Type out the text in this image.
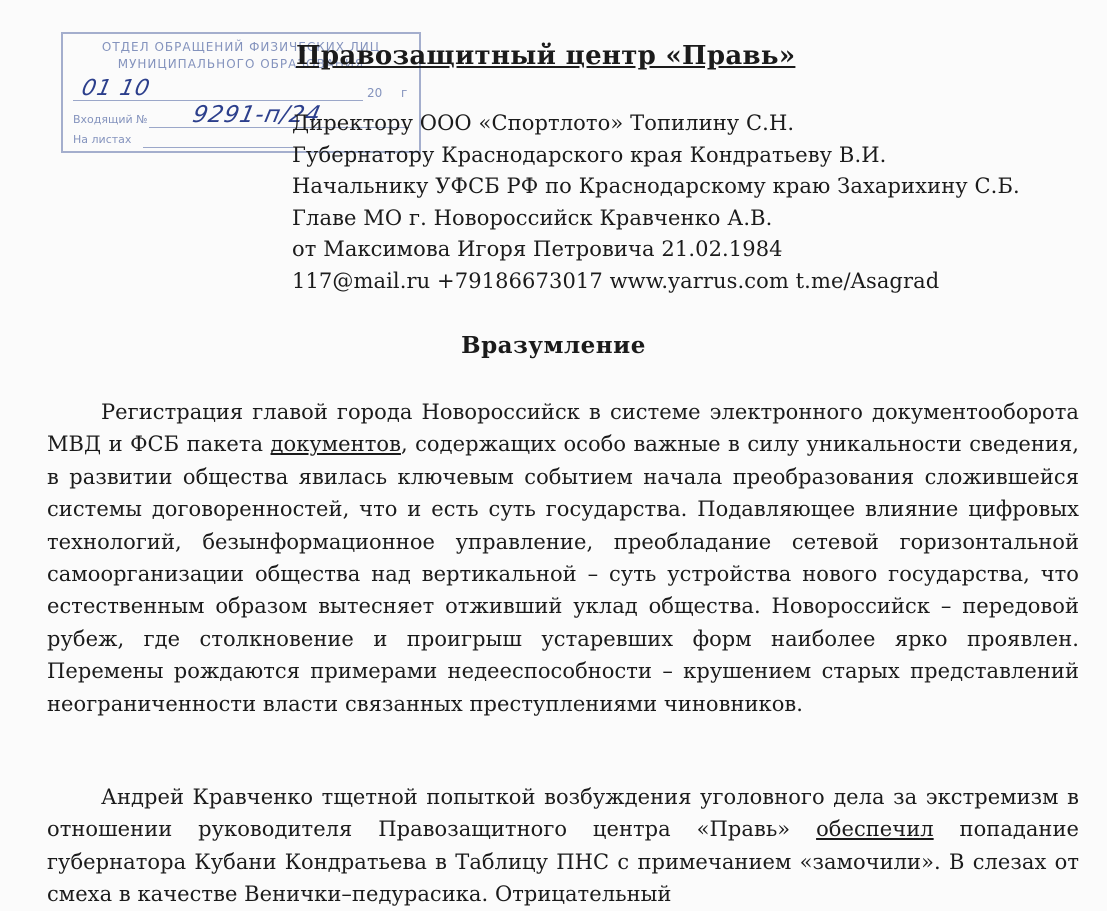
ОТДЕЛ ОБРАЩЕНИЙ ФИЗИЧЕСКИХ ЛИЦ
МУНИЦИПАЛЬНОГО ОБРАЗОВАНИЯ
20 г
Входящий №
На листах
01 10
9291-п/24
Правозащитный центр «Правь»
Директору ООО «Спортлото» Топилину С.Н.
Губернатору Краснодарского края Кондратьеву В.И.
Начальнику УФСБ РФ по Краснодарскому краю Захарихину С.Б.
Главе МО г. Новороссийск Кравченко А.В.
от Максимова Игоря Петровича 21.02.1984
117@mail.ru +79186673017 www.yarrus.com t.me/Asagrad
Вразумление
Регистрация главой города Новороссийск в системе электронного документооборота МВД и ФСБ пакета документов, содержащих особо важные в силу уникальности сведения, в развитии общества явилась ключевым событием начала преобразования сложившейся системы договоренностей, что и есть суть государства. Подавляющее влияние цифровых технологий, безынформационное управление, преобладание сетевой горизонтальной самоорганизации общества над вертикальной – суть устройства нового государства, что естественным образом вытесняет отживший уклад общества. Новороссийск – передовой рубеж, где столкновение и проигрыш устаревших форм наиболее ярко проявлен. Перемены рождаются примерами недееспособности – крушением старых представлений неограниченности власти связанных преступлениями чиновников.
Андрей Кравченко тщетной попыткой возбуждения уголовного дела за экстремизм в отношении руководителя Правозащитного центра «Правь» обеспечил попадание губернатора Кубани Кондратьева в Таблицу ПНС с примечанием «замочили». В слезах от смеха в качестве Венички–педурасика. Отрицательный
